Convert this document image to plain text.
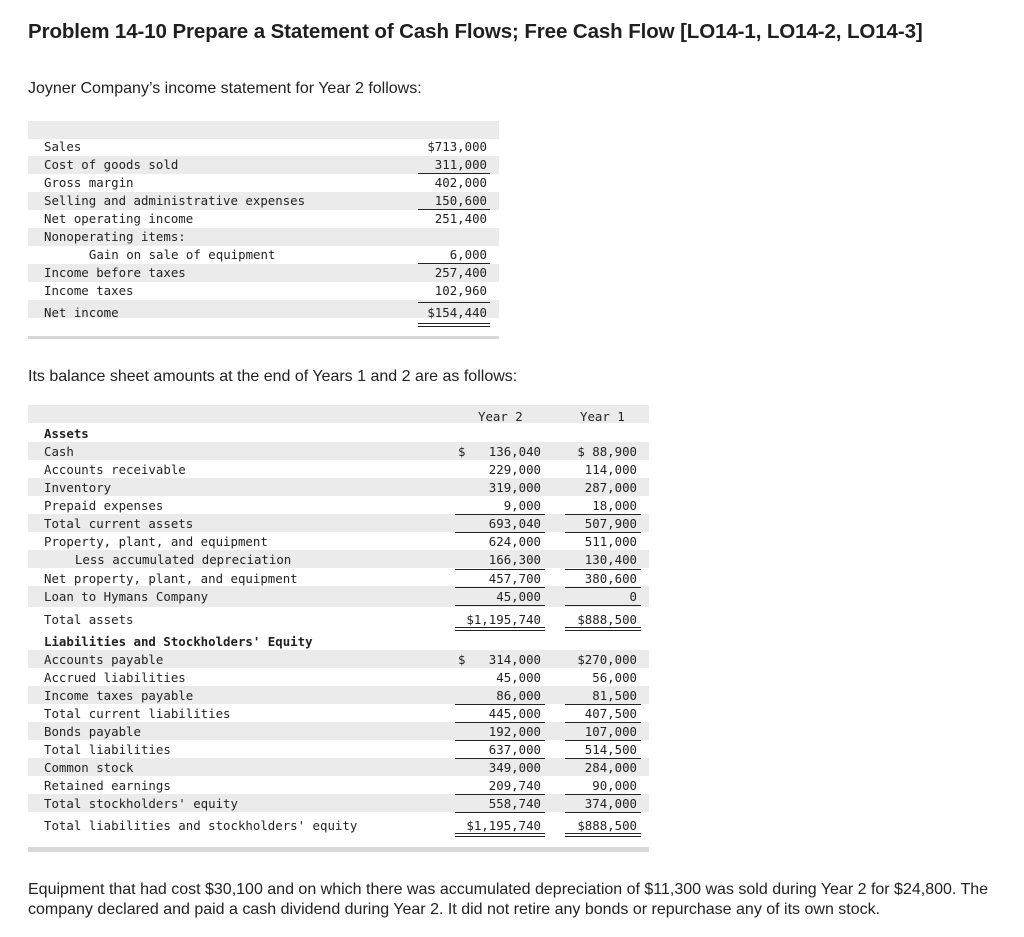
Problem 14-10 Prepare a Statement of Cash Flows; Free Cash Flow [LO14-1, LO14-2, LO14-3]
Joyner Company’s income statement for Year 2 follows:
Sales
Cost of goods sold
Gross margin
Selling and administrative expenses
Net operating income
Nonoperating items:
Gain on sale of equipment
Income before taxes
Income taxes
Net income
$713,000
311,000
402,000
150,600
251,400
6,000
257,400
102,960
$154,440
Its balance sheet amounts at the end of Years 1 and 2 are as follows:
Year 2	Year 1
Assets
Cash
Accounts receivable
Inventory
Prepaid expenses
Total current assets
Property, plant, and equipment
Less accumulated depreciation
Net property, plant, and equipment
Loan to Hymans Company
Total assets
Liabilities and Stockholders' Equity
Accounts payable
Accrued liabilities
Income taxes payable
Total current liabilities
Bonds payable
Total liabilities
Common stock
Retained earnings
Total stockholders' equity
Total liabilities and stockholders' equity
$
$
136,040
229,000
319,000
9,000
693,040
624,000
166,300
457,700
45,000
$1,195,740
314,000
45,000
86,000
445,000
192,000
637,000
349,000
209,740
558,740
$1,195,740
$ 88,900
114,000
287,000
18,000
507,900
511,000
130,400
380,600
0
$888,500
$270,000
56,000
81,500
407,500
107,000
514,500
284,000
90,000
374,000
$888,500
Equipment that had cost $30,100 and on which there was accumulated depreciation of $11,300 was sold during Year 2 for $24,800. The company declared and paid a cash dividend during Year 2. It did not retire any bonds or repurchase any of its own stock.
